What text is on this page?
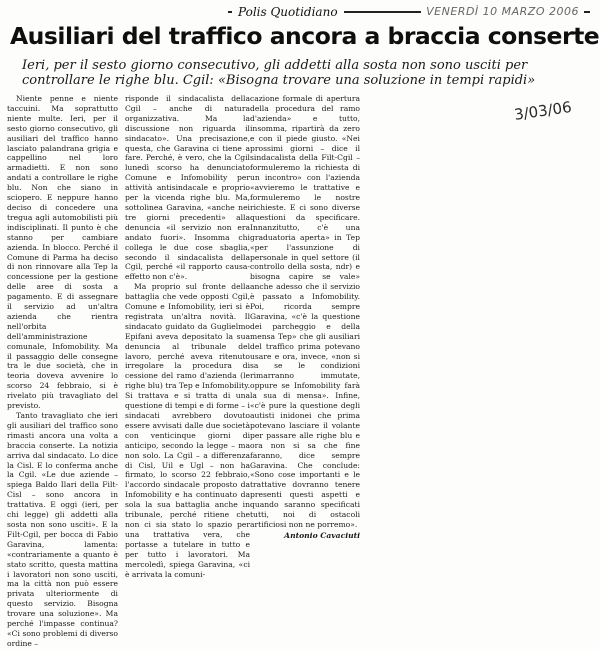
Polis Quotidiano	VENERDÌ 10 MARZO 2006
Ausiliari del traffico ancora a braccia conserte
Ieri, per il sesto giorno consecutivo, gli addetti alla sosta non sono usciti per controllare le righe blu. Cgil: «Bisogna trovare una soluzione in tempi rapidi»
3/03/06

Niente penne e niente taccuini. Ma soprattutto niente multe. Ieri, per il sesto giorno consecutivo, gli ausiliari del traffico hanno lasciato palandrana grigia e cappellino nel loro armadietti. E non sono andati a controllare le righe blu. Non che siano in sciopero. E neppure hanno deciso di concedere una tregua agli automobilisti più indisciplinati. Il punto è che stanno per cambiare azienda. In blocco. Perché il Comune di Parma ha deciso di non rinnovare alla Tep la concessione per la gestione delle aree di sosta a pagamento. E di assegnare il servizio ad un'altra azienda che rientra nell'orbita dell'amministrazione comunale, Infomobility. Ma il passaggio delle consegne tra le due società, che in teoria doveva avvenire lo scorso 24 febbraio, si è rivelato più travagliato del previsto.

Tanto travagliato che ieri gli ausiliari del traffico sono rimasti ancora una volta a braccia conserte. La notizia arriva dal sindacato. Lo dice la Cisl. E lo conferma anche la Cgil. «Le due aziende – spiega Baldo Ilari della Filt-Cisl – sono ancora in trattativa. E oggi (ieri, per chi legge) gli addetti alla sosta non sono usciti». E la Filt-Cgil, per bocca di Fabio Garavina, lamenta: «contrariamente a quanto è stato scritto, questa mattina i lavoratori non sono usciti, ma la città non può essere privata ulteriormente di questo servizio. Bisogna trovare una soluzione». Ma perché l'impasse continua? «Ci sono problemi di diverso ordine –

risponde il sindacalista della Cgil – anche di natura organizzativa. Ma la discussione non riguarda il sindacato». Una precisazione, questa, che Garavina ci tiene a fare. Perché, è vero, che la Cgil lunedì scorso ha denunciato Comune e Infomobility per attività antisindacale e proprio per la vicenda righe blu. Ma, sottolinea Garavina, «anche nei tre giorni precedenti» alla denuncia «il servizio non era andato fuori». Insomma chi collega le due cose sbaglia, secondo il sindacalista della Cgil, perché «il rapporto causa-effetto non c'è».

Ma proprio sul fronte della battaglia che vede opposti Cgil, Comune e Infomobility, ieri si è registrata un'altra novità. Il sindacato guidato da Guglielmo Epifani aveva depositato la sua denuncia al tribunale del lavoro, perché aveva ritenuto irregolare la procedura di cessione del ramo d'azienda (le righe blu) tra Tep e Infomobility. Si trattava e si tratta di una questione di tempi e di forme – i sindacati avrebbero dovuto essere avvisati dalle due società con venticinque giorni di anticipo, secondo la legge – ma non solo. La Cgil – a differenza di Cisl, Uil e Ugl – non ha firmato, lo scorso 22 febbraio, l'accordo sindacale proposto da Infomobility e ha continuato da sola la sua battaglia anche in tribunale, perché ritiene che non ci sia stato lo spazio per una trattativa vera, che portasse a tutelare in tutto e per tutto i lavoratori. Ma mercoledì, spiega Garavina, «ci è arrivata la comuni-

cazione formale di apertura della procedura del ramo d'azienda» e tutto, insomma, ripartirà da zero e con il piede giusto. «Nei prossimi giorni – dice il sindacalista della Filt-Cgil – formuleremo la richiesta di un incontro» con l'azienda «avvieremo le trattative e formuleremo le nostre richieste. E ci sono diverse questioni da specificare. Innanzitutto, c'è una graduatoria aperta» in Tep «per l'assunzione di personale in quel settore (il controllo della sosta, ndr) e bisogna capire se vale» anche adesso che il servizio è passato a Infomobility. Poi, ricorda sempre Garavina, «c'è la questione dei parcheggio e della mensa Tep» che gli ausiliari del traffico prima potevano usare e ora, invece, «non si sa se le condizioni rimarranno immutate, oppure se Infomobility farà la sua di mensa». Infine, «c'è pure la questione degli autisti inidonei che prima potevano lasciare il volante per passare alle righe blu e ora non si sa che fine faranno, dice sempre Garavina. Che conclude: «Sono cose importanti e le trattative dovranno tenere presenti questi aspetti e quando saranno specificati tutti, noi di ostacoli artificiosi non ne porremo».

Antonio Cavaciuti
